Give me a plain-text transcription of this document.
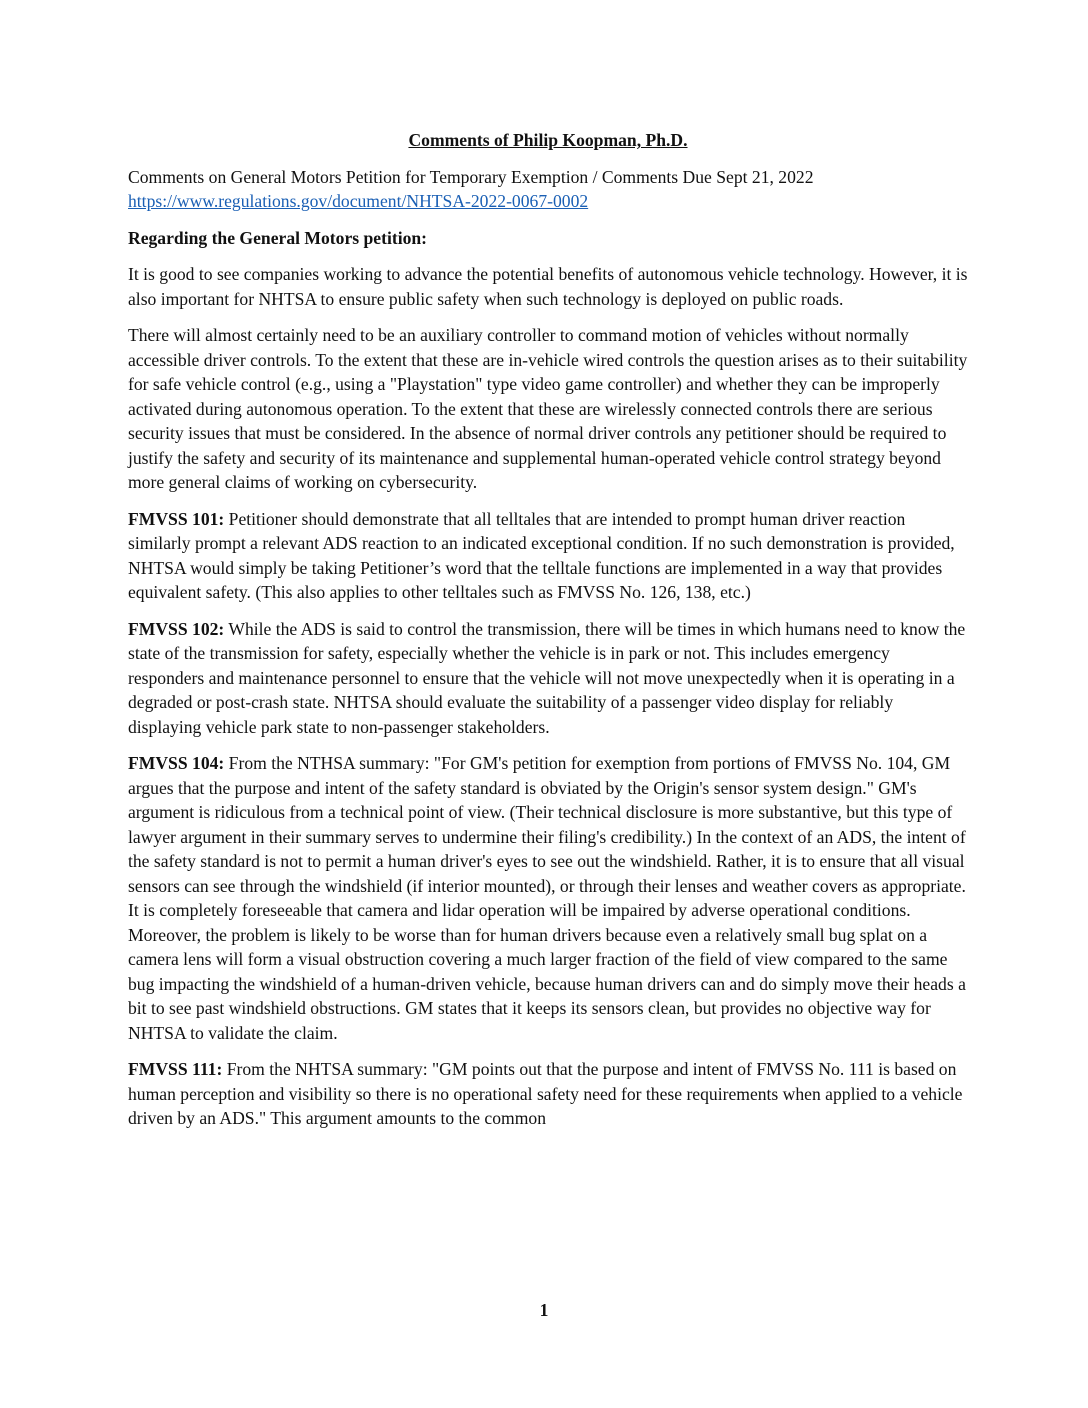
Comments of Philip Koopman, Ph.D.

Comments on General Motors Petition for Temporary Exemption / Comments Due Sept 21, 2022
https://www.regulations.gov/document/NHTSA-2022-0067-0002

Regarding the General Motors petition:

It is good to see companies working to advance the potential benefits of autonomous vehicle technology. However, it is also important for NHTSA to ensure public safety when such technology is deployed on public roads.

There will almost certainly need to be an auxiliary controller to command motion of vehicles without normally accessible driver controls. To the extent that these are in-vehicle wired controls the question arises as to their suitability for safe vehicle control (e.g., using a "Playstation" type video game controller) and whether they can be improperly activated during autonomous operation. To the extent that these are wirelessly connected controls there are serious security issues that must be considered. In the absence of normal driver controls any petitioner should be required to justify the safety and security of its maintenance and supplemental human-operated vehicle control strategy beyond more general claims of working on cybersecurity.

FMVSS 101: Petitioner should demonstrate that all telltales that are intended to prompt human driver reaction similarly prompt a relevant ADS reaction to an indicated exceptional condition. If no such demonstration is provided, NHTSA would simply be taking Petitioner’s word that the telltale functions are implemented in a way that provides equivalent safety. (This also applies to other telltales such as FMVSS No. 126, 138, etc.)

FMVSS 102: While the ADS is said to control the transmission, there will be times in which humans need to know the state of the transmission for safety, especially whether the vehicle is in park or not. This includes emergency responders and maintenance personnel to ensure that the vehicle will not move unexpectedly when it is operating in a degraded or post-crash state. NHTSA should evaluate the suitability of a passenger video display for reliably displaying vehicle park state to non-passenger stakeholders.

FMVSS 104: From the NTHSA summary: "For GM's petition for exemption from portions of FMVSS No. 104, GM argues that the purpose and intent of the safety standard is obviated by the Origin's sensor system design." GM's argument is ridiculous from a technical point of view. (Their technical disclosure is more substantive, but this type of lawyer argument in their summary serves to undermine their filing's credibility.) In the context of an ADS, the intent of the safety standard is not to permit a human driver's eyes to see out the windshield. Rather, it is to ensure that all visual sensors can see through the windshield (if interior mounted), or through their lenses and weather covers as appropriate. It is completely foreseeable that camera and lidar operation will be impaired by adverse operational conditions. Moreover, the problem is likely to be worse than for human drivers because even a relatively small bug splat on a camera lens will form a visual obstruction covering a much larger fraction of the field of view compared to the same bug impacting the windshield of a human-driven vehicle, because human drivers can and do simply move their heads a bit to see past windshield obstructions. GM states that it keeps its sensors clean, but provides no objective way for NHTSA to validate the claim.

FMVSS 111: From the NHTSA summary: "GM points out that the purpose and intent of FMVSS No. 111 is based on human perception and visibility so there is no operational safety need for these requirements when applied to a vehicle driven by an ADS." This argument amounts to the common

1
